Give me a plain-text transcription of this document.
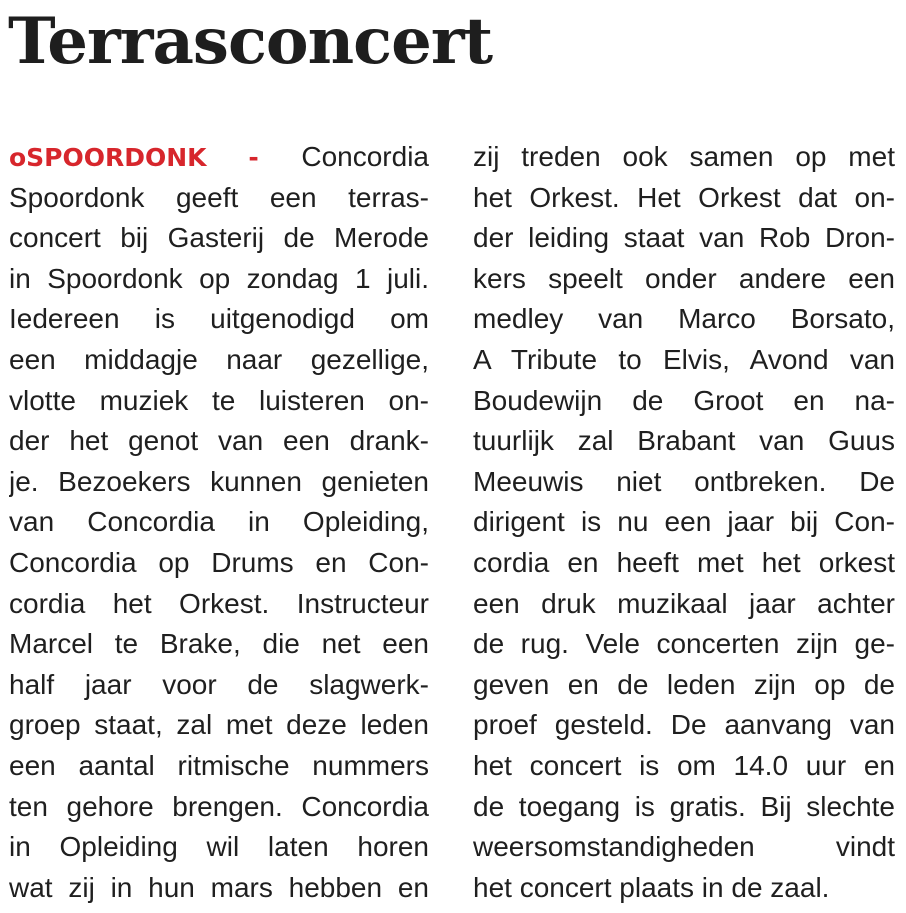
Terrasconcert
oSPOORDONK - Concordia
Spoordonk geeft een terras-
concert bij Gasterij de Merode
in Spoordonk op zondag 1 juli.
Iedereen is uitgenodigd om
een middagje naar gezellige,
vlotte muziek te luisteren on-
der het genot van een drank-
je. Bezoekers kunnen genieten
van Concordia in Opleiding,
Concordia op Drums en Con-
cordia het Orkest. Instructeur
Marcel te Brake, die net een
half jaar voor de slagwerk-
groep staat, zal met deze leden
een aantal ritmische nummers
ten gehore brengen. Concordia
in Opleiding wil laten horen
wat zij in hun mars hebben en
zij treden ook samen op met
het Orkest. Het Orkest dat on-
der leiding staat van Rob Dron-
kers speelt onder andere een
medley van Marco Borsato,
A Tribute to Elvis, Avond van
Boudewijn de Groot en na-
tuurlijk zal Brabant van Guus
Meeuwis niet ontbreken. De
dirigent is nu een jaar bij Con-
cordia en heeft met het orkest
een druk muzikaal jaar achter
de rug. Vele concerten zijn ge-
geven en de leden zijn op de
proef gesteld. De aanvang van
het concert is om 14.0 uur en
de toegang is gratis. Bij slechte
weersomstandigheden vindt
het concert plaats in de zaal.
